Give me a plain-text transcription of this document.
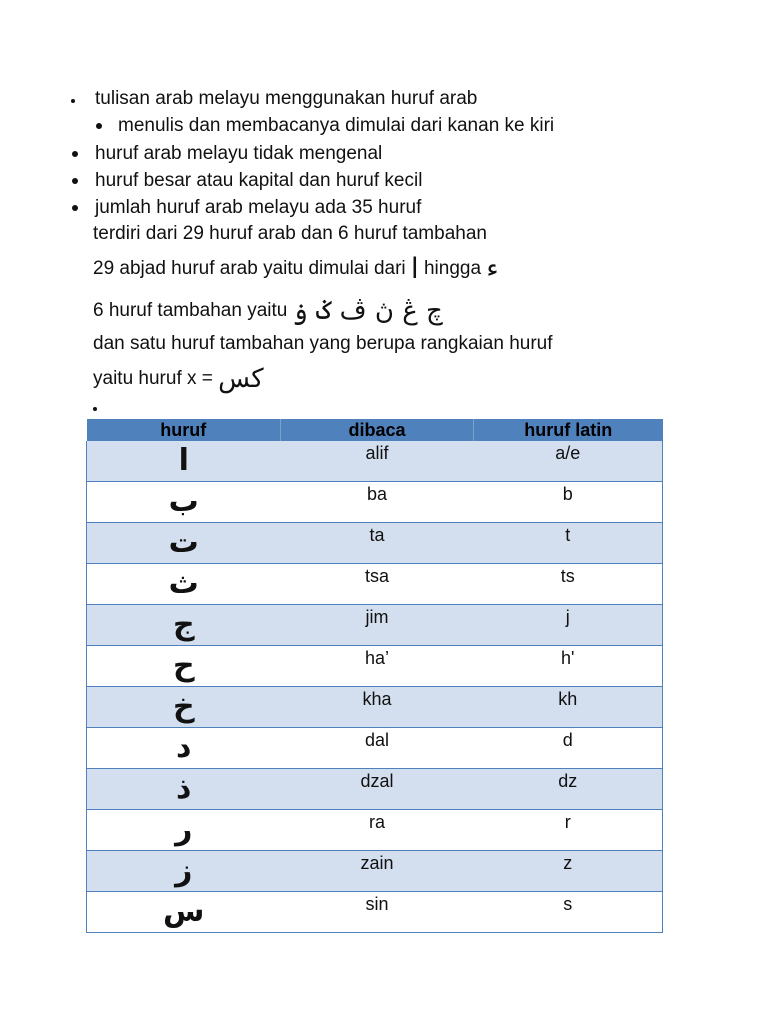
tulisan arab melayu menggunakan huruf arab
menulis dan membacanya dimulai dari kanan ke kiri
huruf arab melayu tidak mengenal
huruf besar atau kapital dan huruf kecil
jumlah huruf arab melayu ada 35 huruf
terdiri dari 29 huruf arab dan 6 huruf tambahan
29 abjad huruf arab yaitu dimulai dari ا hingga ء
6 huruf tambahan yaitu چ ڠ ڽ ڤ ݢ ۏ
dan satu huruf tambahan yang berupa rangkaian huruf
yaitu huruf x = کس
huruf	dibaca	huruf latin
ا	alif	a/e

ب	ba	b

ت	ta	t

ث	tsa	ts

ج	jim	j

ح	ha’	h'

خ	kha	kh

د	dal	d

ذ	dzal	dz

ر	ra	r

ز	zain	z

س	sin	s
